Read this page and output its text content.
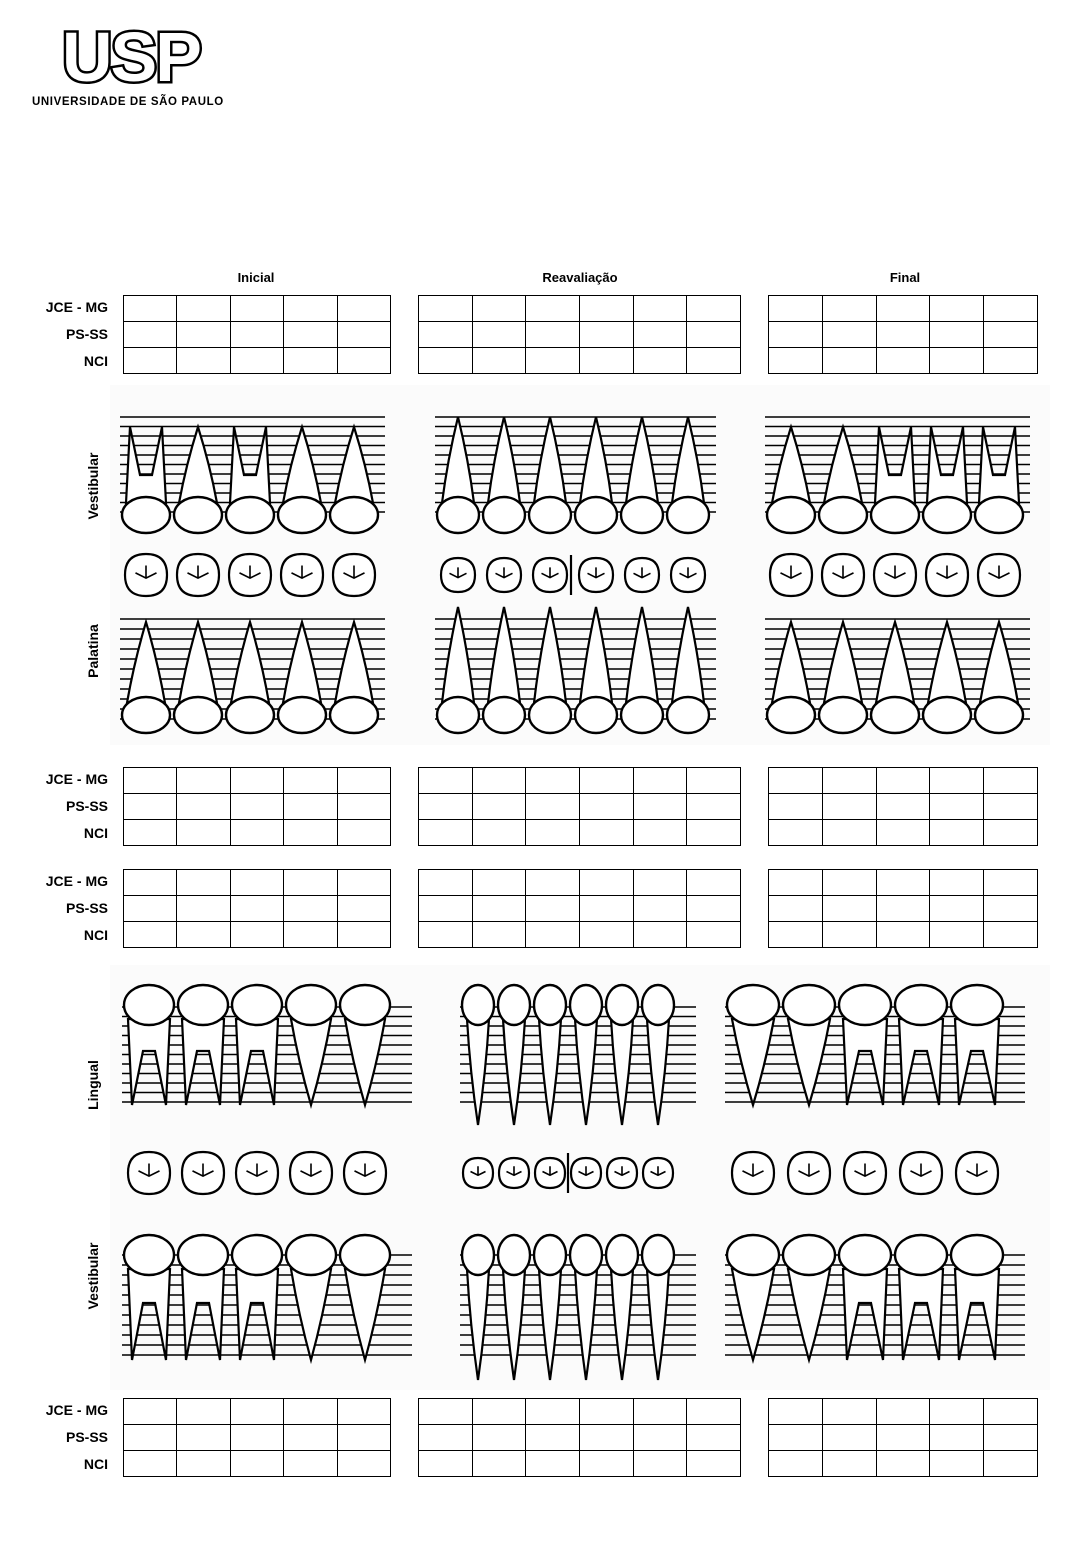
USP
UNIVERSIDADE DE SÃO PAULO
Inicial	Reavaliação	Final
JCE - MG
PS-SS
NCI

JCE - MG
PS-SS
NCI

JCE - MG
PS-SS
NCI

JCE - MG
PS-SS
NCI

Vestibular
Palatina
Lingual
Vestibular
